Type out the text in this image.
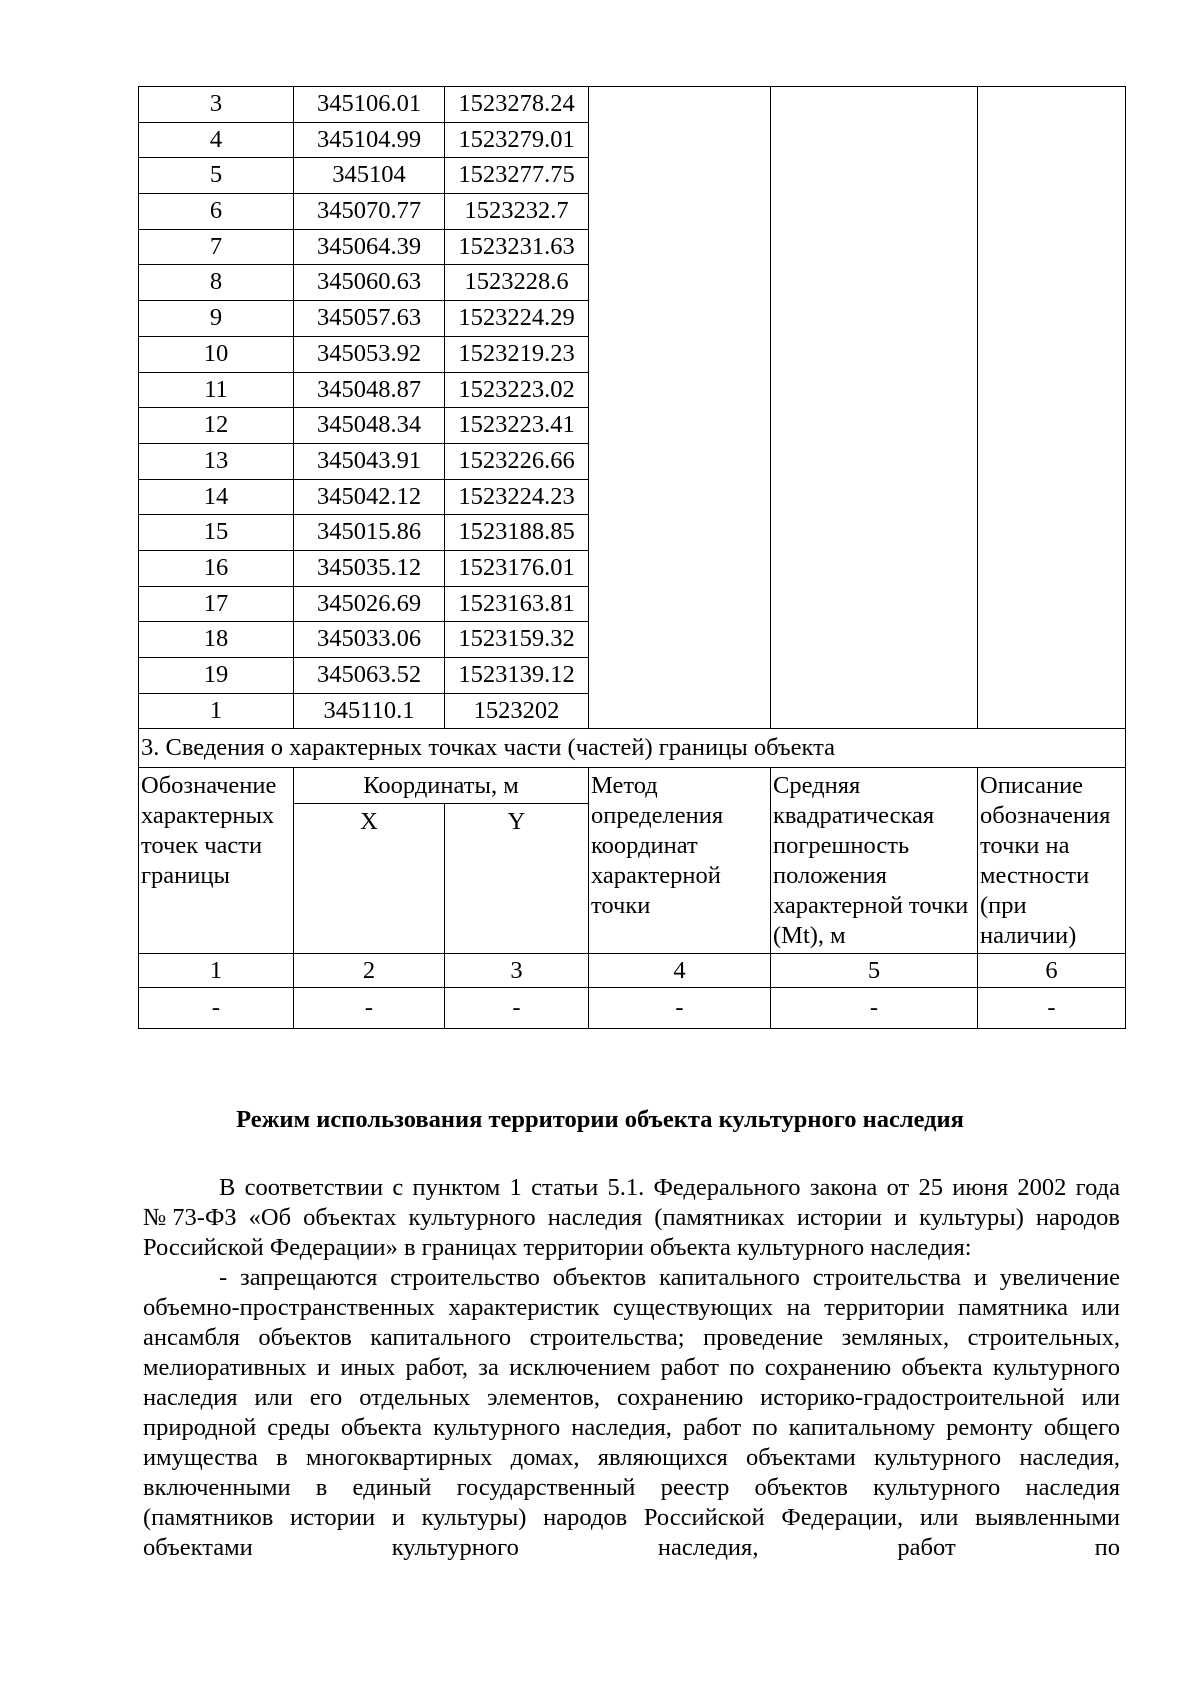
3	345106.01	1523278.24			
4	345104.99	1523279.01			
5	345104	1523277.75			
6	345070.77	1523232.7			
7	345064.39	1523231.63			
8	345060.63	1523228.6			
9	345057.63	1523224.29			
10	345053.92	1523219.23			
11	345048.87	1523223.02			
12	345048.34	1523223.41			
13	345043.91	1523226.66			
14	345042.12	1523224.23			
15	345015.86	1523188.85			
16	345035.12	1523176.01			
17	345026.69	1523163.81			
18	345033.06	1523159.32			
19	345063.52	1523139.12			
1	345110.1	1523202			
3. Сведения о характерных точках части (частей) границы объекта					
Обозначение характерных точек части границы	Координаты, м		Метод определения координат характерной точки	Средняя квадратическая погрешность положения характерной точки (Mt), м	Описание обозначения точки на местности (при наличии)
	X	Y			
1	2	3	4	5	6
-	-	-	-	-	-
Режим использования территории объекта культурного наследия

В соответствии с пунктом 1 статьи 5.1. Федерального закона от 25 июня 2002 года №73-ФЗ «Об объектах культурного наследия (памятниках истории и культуры) народов Российской Федерации» в границах территории объекта культурного наследия:

- запрещаются строительство объектов капитального строительства и увеличение объемно-пространственных характеристик существующих на территории памятника или ансамбля объектов капитального строительства; проведение земляных, строительных, мелиоративных и иных работ, за исключением работ по сохранению объекта культурного наследия или его отдельных элементов, сохранению историко-градостроительной или природной среды объекта культурного наследия, работ по капитальному ремонту общего имущества в многоквартирных домах, являющихся объектами культурного наследия, включенными в единый государственный реестр объектов культурного наследия (памятников истории и культуры) народов Российской Федерации, или выявленными объектами культурного наследия, работ по
